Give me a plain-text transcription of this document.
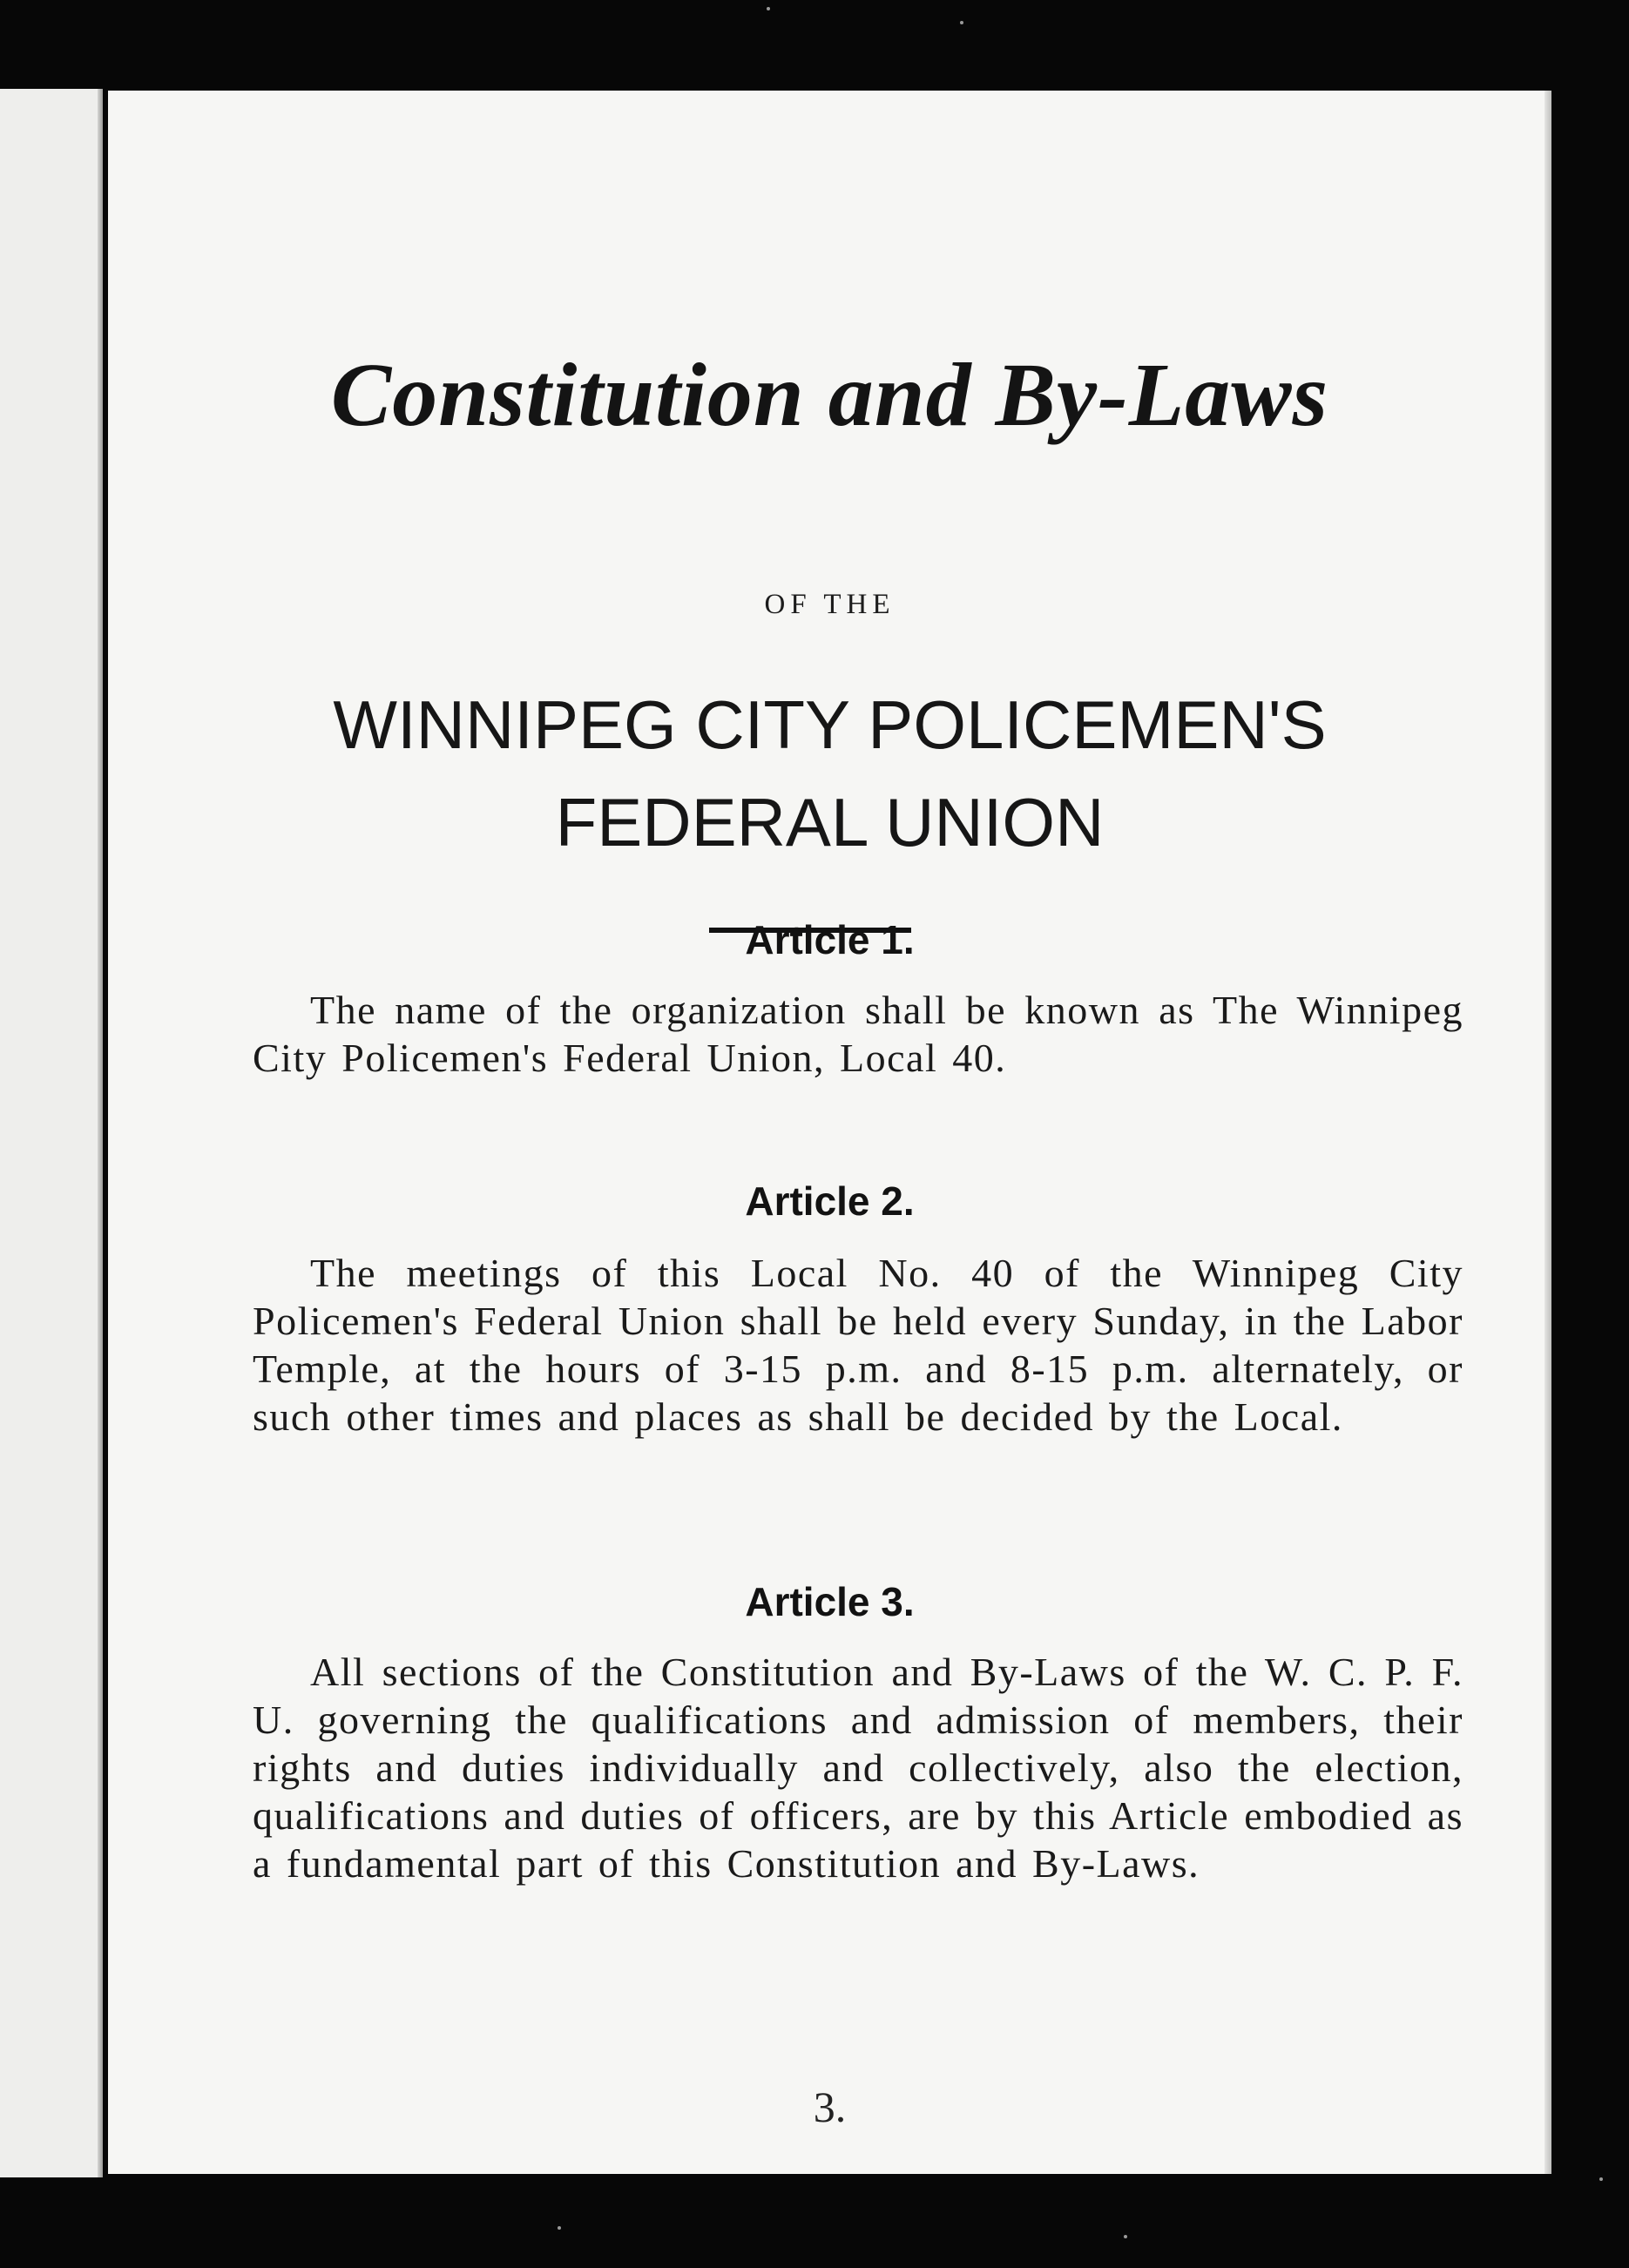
Constitution and By-Laws

OF THE

WINNIPEG CITY POLICEMEN'S
FEDERAL UNION
Article 1.

The name of the organization shall be known as The Winnipeg City Policemen's Federal Union, Local 40.

Article 2.

The meetings of this Local No. 40 of the Winnipeg City Policemen's Federal Union shall be held every Sunday, in the Labor Temple, at the hours of 3-15 p.m. and 8-15 p.m. alternately, or such other times and places as shall be decided by the Local.

Article 3.

All sections of the Constitution and By-Laws of the W. C. P. F. U. governing the qualifications and admission of members, their rights and duties individually and collectively, also the election, qualifications and duties of officers, are by this Article embodied as a fundamental part of this Constitution and By-Laws.

3.
